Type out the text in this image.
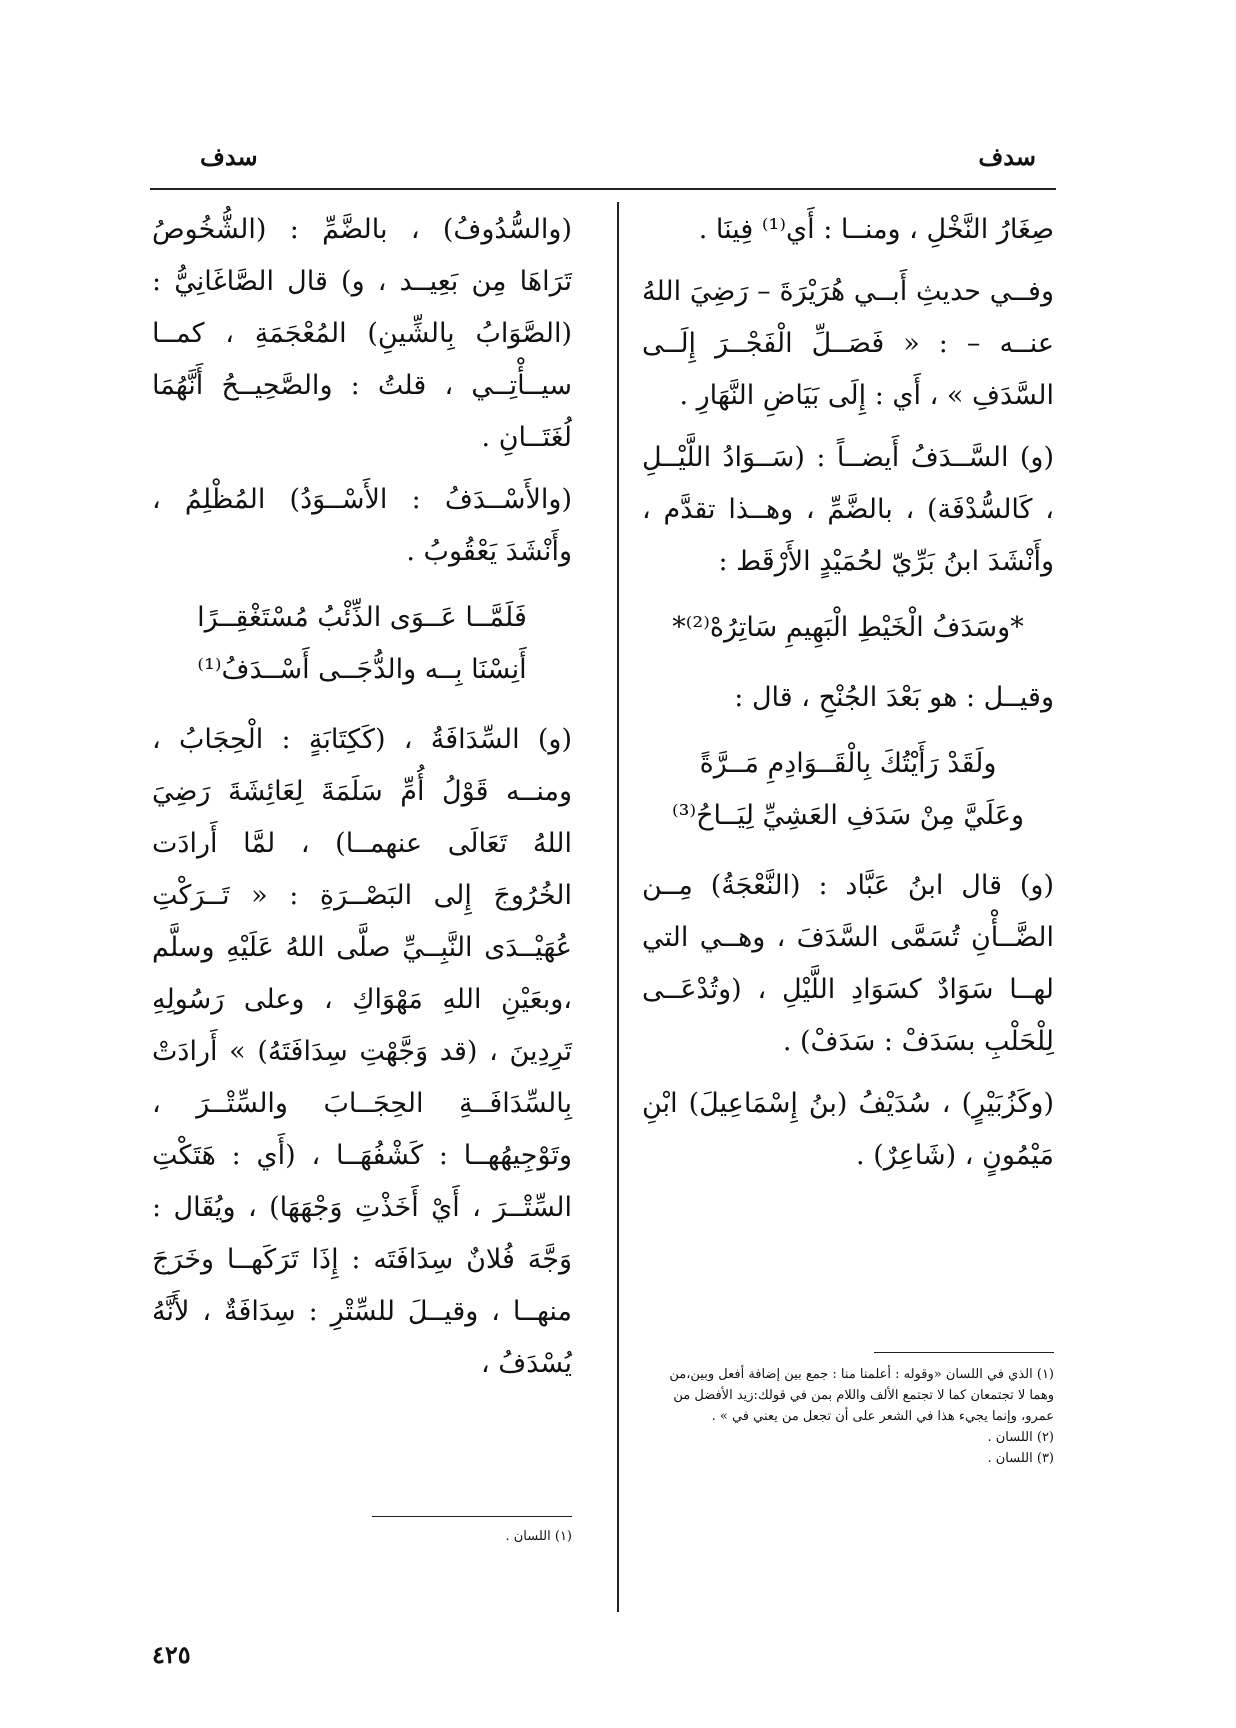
سدف
سدف

صِغَارُ النَّخْلِ ، ومنــا : أَي⁽¹⁾ فِينَا .

وفــي حديثِ أَبــي هُرَيْرَةَ – رَضِيَ اللهُ عنــه – : « فَصَــلِّ الْفَجْــرَ إِلَــى السَّدَفِ » ، أَي : إِلَى بَيَاضِ النَّهَارِ .

(و) السَّــدَفُ أَيضــاً : (سَــوَادُ اللَّيْــلِ ، كَالسُّدْفَة) ، بالضَّمِّ ، وهــذا تقدَّم ، وأَنْشَدَ ابنُ بَرِّيّ لحُمَيْدٍ الأَرْقَط :

*وسَدَفُ الْخَيْطِ الْبَهِيمِ سَاتِرُهْ⁽²⁾*

وقيــل : هو بَعْدَ الجُنْحِ ، قال :

ولَقَدْ رَأَيْتُكَ بِالْقَــوَادِمِ مَــرَّةً
وعَلَيَّ مِنْ سَدَفِ العَشِيِّ لِيَــاحُ⁽³⁾

(و) قال ابنُ عَبَّاد : (النَّعْجَةُ) مِــن الضَّــأْنِ تُسَمَّى السَّدَفَ ، وهــي التي لهــا سَوَادٌ كسَوَادِ اللَّيْلِ ، (وتُدْعَــى لِلْحَلْبِ بسَدَفْ : سَدَفْ) .

(وكَزُبَيْرٍ) ، سُدَيْفُ (بنُ إِسْمَاعِيلَ) ابْنِ مَيْمُونٍ ، (شَاعِرٌ) .

(١) الذي في اللسان «وقوله : أعلمنا منا : جمع بين إضافة أفعل وبين،من وهما لا تجتمعان كما لا تجتمع الألف واللام بمن في قولك:زيد الأفضل من عمرو، وإنما يجيء هذا في الشعر على أن تجعل من يعني في » .
(٢) اللسان .
(٣) اللسان .

(والسُّدُوفُ) ، بالضَّمِّ : (الشُّخُوصُ تَرَاهَا مِن بَعِيــد ، و) قال الصَّاغَانِيُّ : (الصَّوَابُ بِالشِّينِ) المُعْجَمَةِ ، كمــا سيــأْتِــي ، قلتُ : والصَّحِيــحُ أَنَّهُمَا لُغَتَــانِ .

(والأَسْــدَفُ : الأَسْــوَدُ) المُظْلِمُ ، وأَنْشَدَ يَعْقُوبُ .

فَلَمَّــا عَــوَى الذِّئْبُ مُسْتَغْقِــرًا
أَنِسْنَا بِــه والدُّجَــى أَسْــدَفُ⁽¹⁾

(و) السِّدَافَةُ ، (كَكِتَابَةٍ : الْحِجَابُ ، ومنــه قَوْلُ أُمِّ سَلَمَةَ لِعَائِشَةَ رَضِيَ اللهُ تَعَالَى عنهمــا) ، لمَّا أَرادَت الخُرُوجَ إِلى البَصْــرَةِ : « تَــرَكْتِ عُهَيْــدَى النَّبِــيِّ صلَّى اللهُ عَلَيْهِ وسلَّم ،وبعَيْنِ اللهِ مَهْوَاكِ ، وعلى رَسُولِهِ تَرِدِينَ ، (قد وَجَّهْتِ سِدَافَتَهُ) » أَرادَتْ بِالسِّدَافَــةِ الحِجَــابَ والسِّتْــرَ ، وتَوْجِيهُهــا : كَشْفُهَــا ، (أَي : هَتَكْتِ السِّتْــرَ ، أَيْ أَخَذْتِ وَجْهَهَا) ، ويُقَال : وَجَّهَ فُلانٌ سِدَافَتَه : إِذَا تَرَكَهــا وخَرَجَ منهــا ، وقيــلَ للسِّتْرِ : سِدَافَةٌ ، لأَنَّهُ يُسْدَفُ ،

(١) اللسان .
٤٢٥
